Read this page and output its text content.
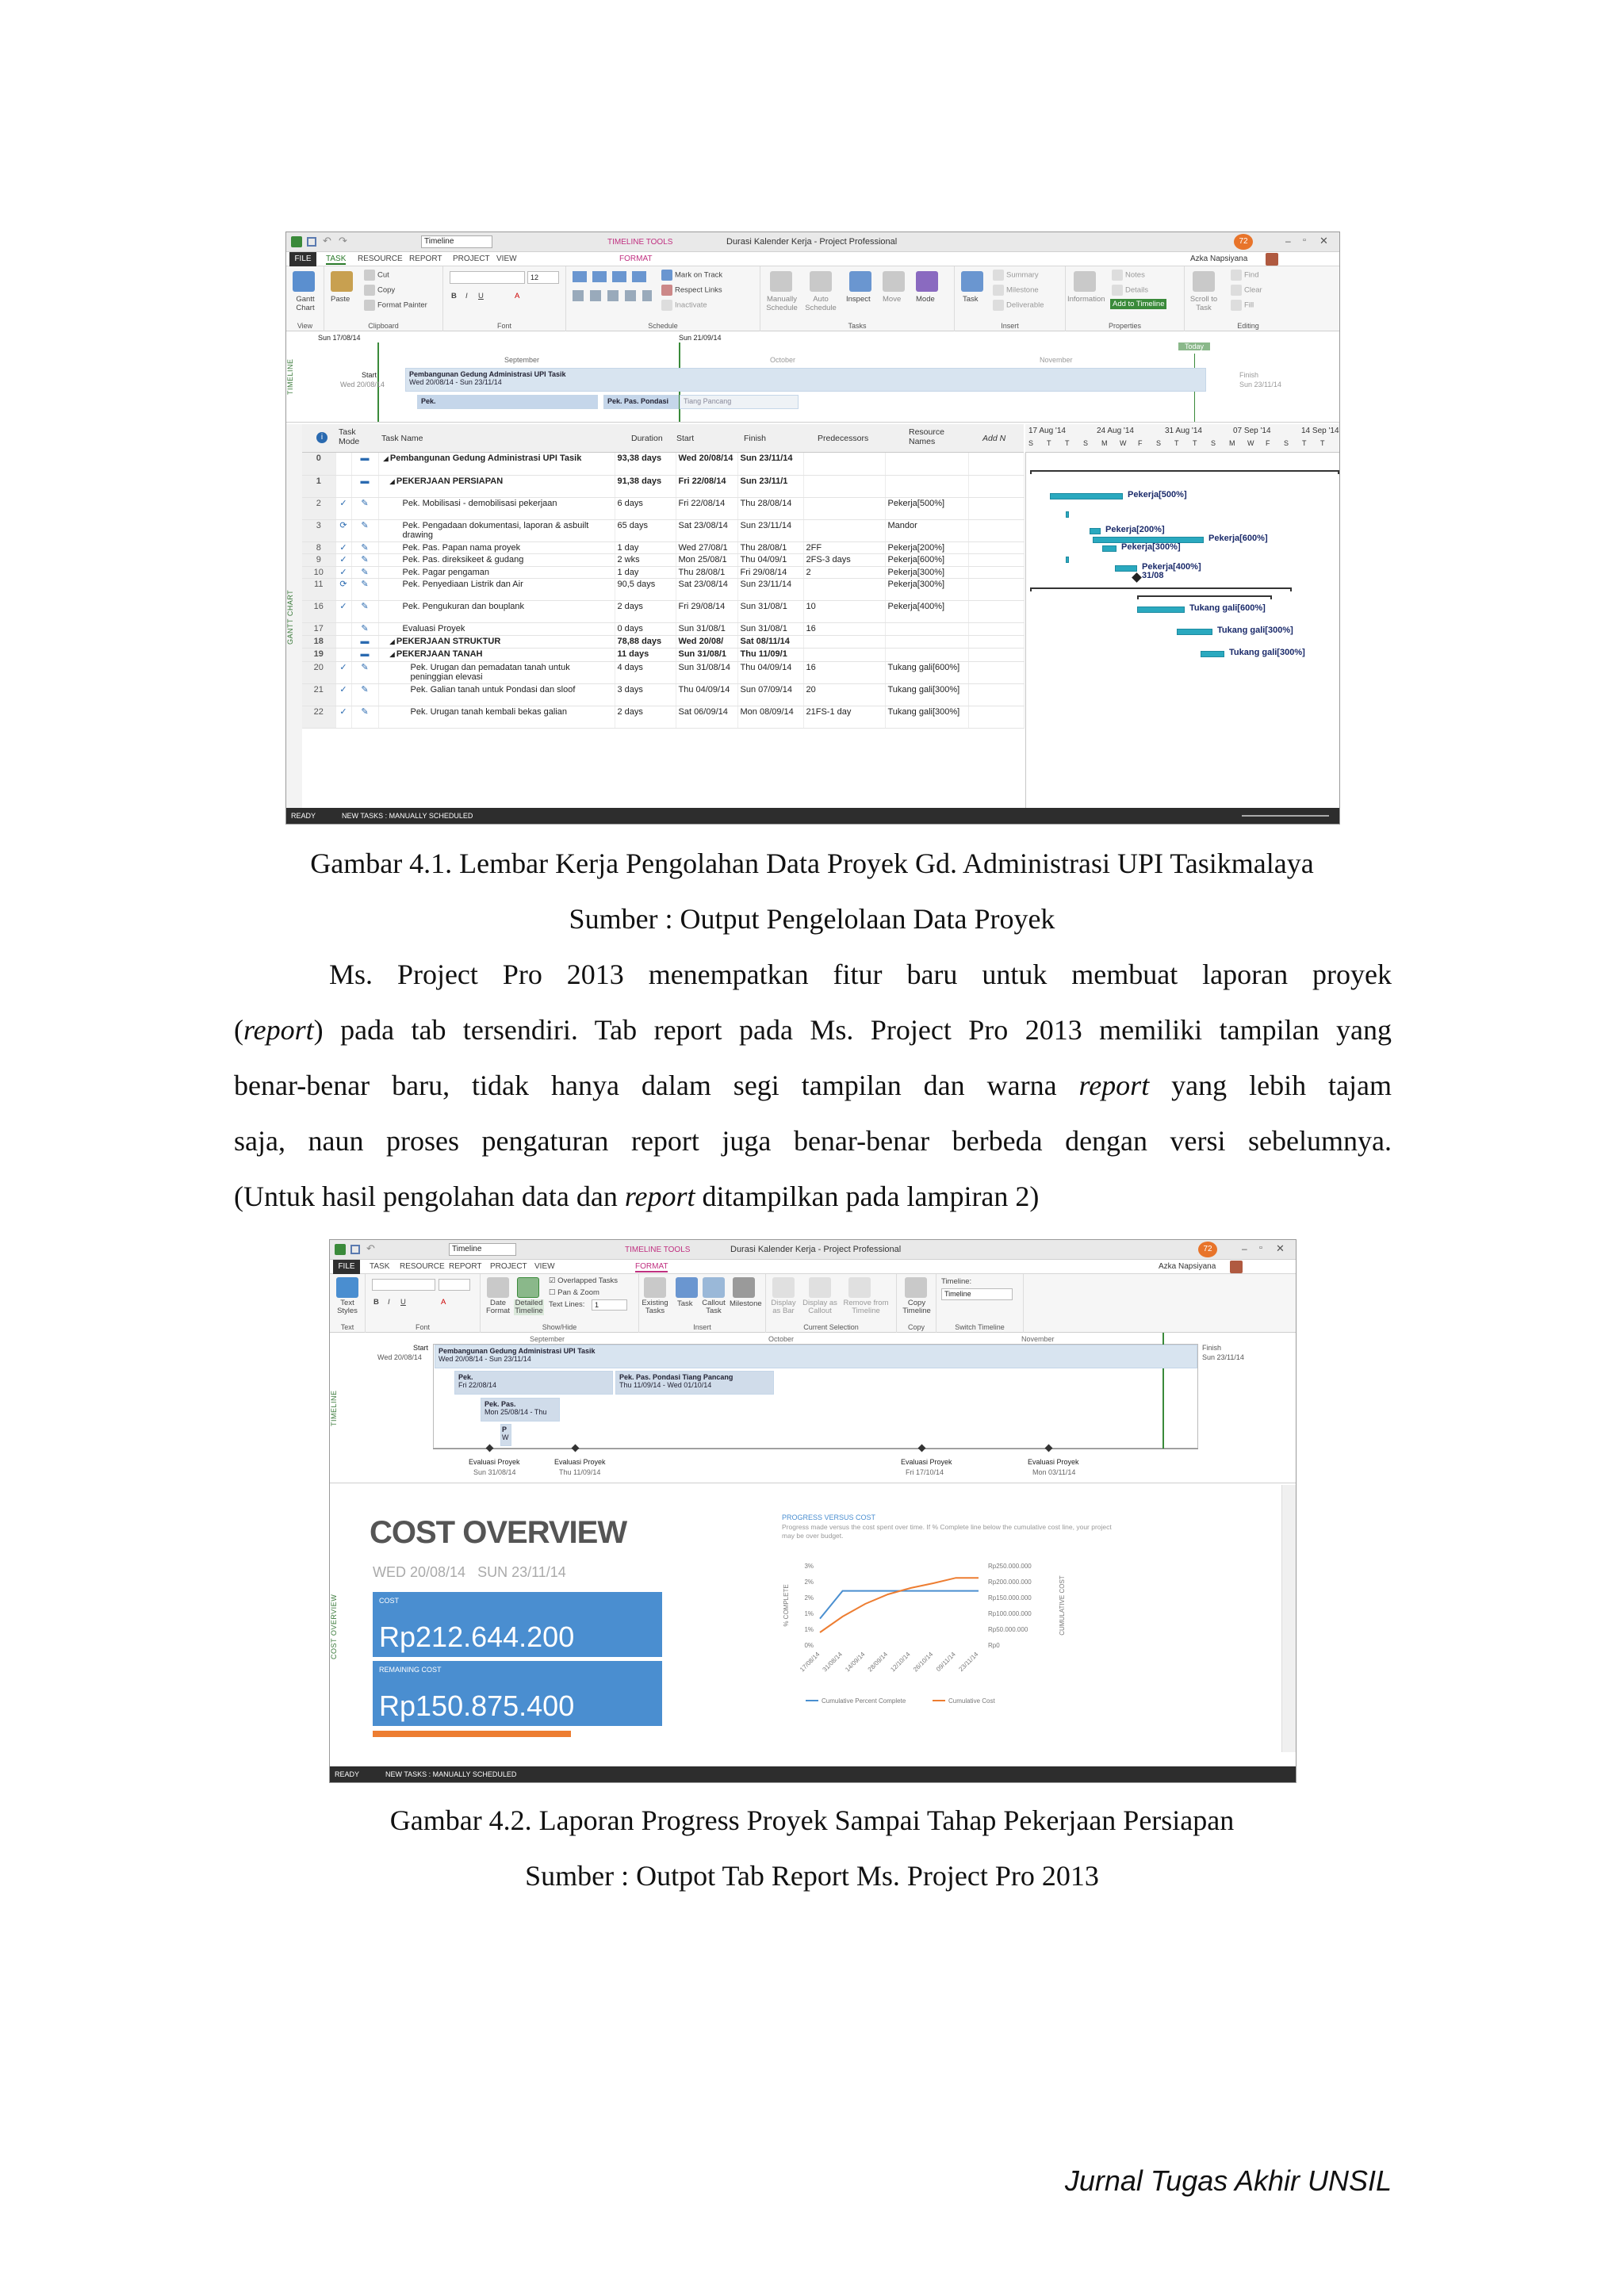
↶ ↷	Timeline	TIMELINE TOOLS	Durasi Kalender Kerja - Project Professional	72	– ▫ ✕
FILE	TASK RESOURCE REPORT PROJECT VIEW	FORMAT	Azka Napsiyana
Gantt Chart
View
Paste
Cut
Copy
Format Painter
Clipboard
12
B I U	A
Font
Mark on Track
Respect Links
Inactivate
Schedule
Manually Schedule
Auto Schedule
Inspect Move Mode
Tasks
Task
Summary
Milestone
Deliverable
Insert
Information
Notes
Details
Add to Timeline
Properties
Scroll to Task
Find
Clear
Fill
Editing
TIMELINE
Sun 17/08/14	Sun 21/09/14
Today
September	October	November
Start
Wed 20/08/14
Finish
Sun 23/11/14
Pembangunan Gedung Administrasi UPI Tasik
Wed 20/08/14 - Sun 23/11/14
Pek.	Pek. Pas. Pondasi	Tiang Pancang
GANTT CHART
i
Task Mode	Task Name	Duration Start	Finish	Predecessors
Resource Names	Add N
0		▬	◢ Pembangunan Gedung Administrasi UPI Tasik	93,38 days	Wed 20/08/14	Sun 23/11/14			
1		▬	◢ PEKERJAAN PERSIAPAN	91,38 days	Fri 22/08/14	Sun 23/11/1			
2	✓	✎	Pek. Mobilisasi - demobilisasi pekerjaan	6 days	Fri 22/08/14	Thu 28/08/14		Pekerja[500%]	
3	⟳	✎	Pek. Pengadaan dokumentasi, laporan & asbuilt drawing	65 days	Sat 23/08/14	Sun 23/11/14		Mandor	
8	✓	✎	Pek. Pas. Papan nama proyek	1 day	Wed 27/08/1	Thu 28/08/1	2FF	Pekerja[200%]	
9	✓	✎	Pek. Pas. direksikeet & gudang	2 wks	Mon 25/08/1	Thu 04/09/1	2FS-3 days	Pekerja[600%]	
10	✓	✎	Pek. Pagar pengaman	1 day	Thu 28/08/1	Fri 29/08/14	2	Pekerja[300%]	
11	⟳	✎	Pek. Penyediaan Listrik dan Air	90,5 days	Sat 23/08/14	Sun 23/11/14		Pekerja[300%]	
16	✓	✎	Pek. Pengukuran dan bouplank	2 days	Fri 29/08/14	Sun 31/08/1	10	Pekerja[400%]	
17		✎	Evaluasi Proyek	0 days	Sun 31/08/1	Sun 31/08/1	16		
18		▬	◢ PEKERJAAN STRUKTUR	78,88 days	Wed 20/08/	Sat 08/11/14			
19		▬	◢ PEKERJAAN TANAH	11 days	Sun 31/08/1	Thu 11/09/1			
20	✓	✎	Pek. Urugan dan pemadatan tanah untuk peninggian elevasi	4 days	Sun 31/08/14	Thu 04/09/14	16	Tukang gali[600%]	
21	✓	✎	Pek. Galian tanah untuk Pondasi dan sloof	3 days	Thu 04/09/14	Sun 07/09/14	20	Tukang gali[300%]	
22	✓	✎	Pek. Urugan tanah kembali bekas galian	2 days	Sat 06/09/14	Mon 08/09/14	21FS-1 day	Tukang gali[300%]	
17 Aug '14	24 Aug '14	31 Aug '14	07 Sep '14	14 Sep '14
S T T S M W F S T T S M W F S T T
Pekerja[500%]
Pekerja[200%]
Pekerja[600%]
Pekerja[300%]
Pekerja[400%]
31/08
Tukang gali[600%]
Tukang gali[300%]
Tukang gali[300%]
READY	NEW TASKS : MANUALLY SCHEDULED
Gambar 4.1. Lembar Kerja Pengolahan Data Proyek Gd. Administrasi UPI Tasikmalaya
Sumber : Output Pengelolaan Data Proyek
Ms. Project Pro 2013 menempatkan fitur baru untuk membuat laporan proyek
(report) pada tab tersendiri. Tab report pada Ms. Project Pro 2013 memiliki tampilan yang
benar-benar baru, tidak hanya dalam segi tampilan dan warna report yang lebih tajam
saja, naun proses pengaturan report juga benar-benar berbeda dengan versi sebelumnya.
(Untuk hasil pengolahan data dan report ditampilkan pada lampiran 2)
↶	Timeline	TIMELINE TOOLS	Durasi Kalender Kerja - Project Professional	72	– ▫ ✕
FILE	TASK RESOURCE REPORT PROJECT VIEW	FORMAT	Azka Napsiyana
Text Styles
Text
B I U	A
Font
Date Format
Detailed Timeline
☑ Overlapped Tasks
☐ Pan & Zoom
Text Lines:	1
Show/Hide
Existing Tasks
Task	Callout Task
Milestone
Insert
Display as Bar
Display as Callout
Remove from Timeline
Current Selection
Copy Timeline
Copy
Timeline:
Timeline
Switch Timeline
TIMELINE
September	October	November
Start
Wed 20/08/14
Finish
Sun 23/11/14
Pembangunan Gedung Administrasi UPI Tasik
Wed 20/08/14 - Sun 23/11/14
Pek.
Fri 22/08/14
Pek. Pas. Pondasi Tiang Pancang
Thu 11/09/14 - Wed 01/10/14
Pek. Pas.
Mon 25/08/14 - Thu
P
W
Evaluasi Proyek
Sun 31/08/14
Evaluasi Proyek
Thu 11/09/14
Evaluasi Proyek
Fri 17/10/14
Evaluasi Proyek
Mon 03/11/14
COST OVERVIEW
COST OVERVIEW
WED 20/08/14   SUN 23/11/14
COST
Rp212.644.200
REMAINING COST
Rp150.875.400
PROGRESS VERSUS COST
Progress made versus the cost spent over time. If % Complete line below the cumulative cost line, your project may be over budget.
% COMPLETE	CUMULATIVE COST
3%
2%
2%
1%
1%
0%
Rp250.000.000
Rp200.000.000
Rp150.000.000
Rp100.000.000
Rp50.000.000
Rp0
17/08/14 31/08/14 14/09/14 28/09/14 12/10/14 26/10/14 09/11/14 23/11/14
Cumulative Percent Complete	Cumulative Cost
READY	NEW TASKS : MANUALLY SCHEDULED
Gambar 4.2. Laporan Progress Proyek Sampai Tahap Pekerjaan Persiapan
Sumber : Outpot Tab Report Ms. Project Pro 2013
Jurnal Tugas Akhir UNSIL
